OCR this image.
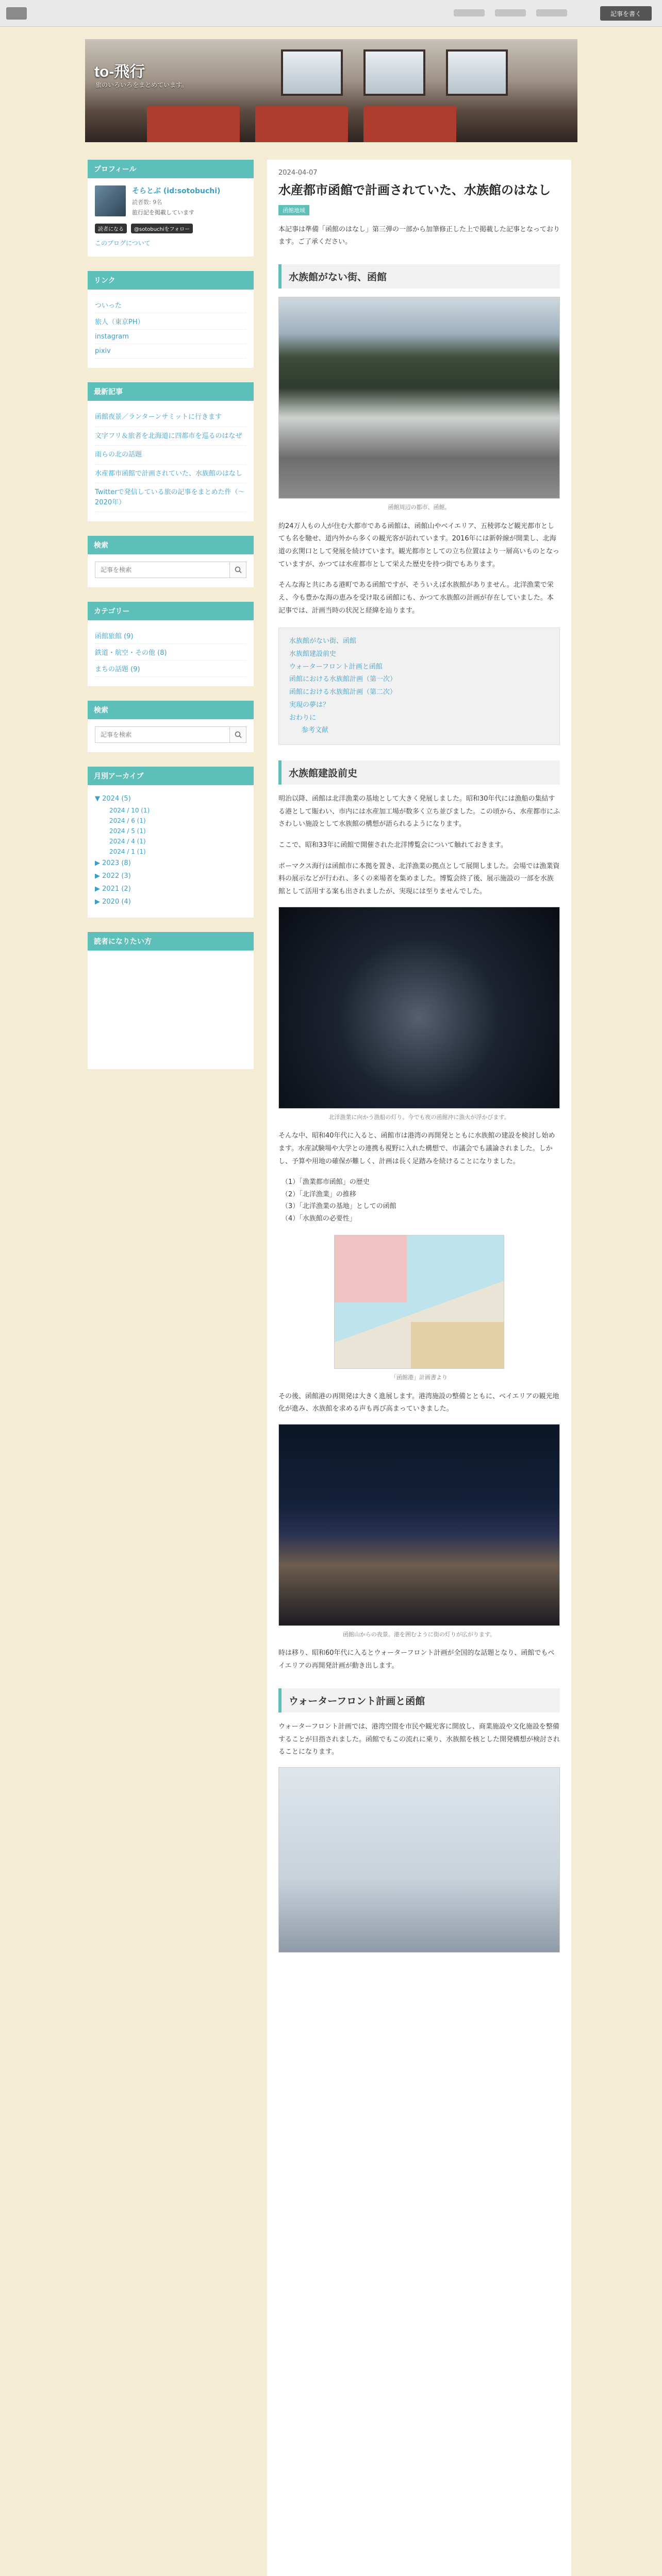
記事を書く
to-飛行
旅のいろいろをまとめています。
プロフィール
そらとぶ (id:sotobuchi)
読者数: 9名
旅行記を掲載しています
読者になる	@sotobuchiをフォロー
このブログについて
リンク
ついった
旅人（東京PH）
instagram
pixiv
最新記事
函館夜景／ランターンサミットに行きます
文字フリ＆旅者を北海道に四都市を巡るのはなぜ
雨らの北の話題
水産都市函館で計画されていた、水族館のはなし
Twitterで発信している旅の記事をまとめた件（〜2020年）
検索
記事を検索
カテゴリー
函館旅館 (9)
鉄道・航空・その他 (8)
まちの話題 (9)
検索
記事を検索
月別アーカイブ
▼ 2024 (5)
2024 / 10 (1)
2024 / 6 (1)
2024 / 5 (1)
2024 / 4 (1)
2024 / 1 (1)
▶ 2023 (8)
▶ 2022 (3)
▶ 2021 (2)
▶ 2020 (4)
読者になりたい方
2024-04-07
水産都市函館で計画されていた、水族館のはなし
函館地域

本記事は準備「函館のはなし」第三弾の一部から加筆修正した上で掲載した記事となっております。ご了承ください。

水族館がない街、函館
函館周辺の都市、函館。

約24万人もの人が住む大都市である函館は、函館山やベイエリア、五稜郭など観光都市としても名を馳せ、道内外から多くの観光客が訪れています。2016年には新幹線が開業し、北海道の玄関口として発展を続けています。観光都市としての立ち位置はより一層高いものとなっていますが、かつては水産都市として栄えた歴史を持つ街でもあります。

そんな海と共にある港町である函館ですが、そういえば水族館がありません。北洋漁業で栄え、今も豊かな海の恵みを受け取る函館にも、かつて水族館の計画が存在していました。本記事では、計画当時の状況と経緯を辿ります。

水族館がない街、函館
水族館建設前史
ウォーターフロント計画と函館
函館における水族館計画（第一次）
函館における水族館計画（第二次）
実現の夢は？
おわりに
参考文献
水族館建設前史

明治以降、函館は北洋漁業の基地として大きく発展しました。昭和30年代には漁船の集結する港として賑わい、市内には水産加工場が数多く立ち並びました。この頃から、水産都市にふさわしい施設として水族館の構想が語られるようになります。

ここで、昭和33年に函館で開催された北洋博覧会について触れておきます。

ボーマクス海行は函館市に本拠を置き、北洋漁業の拠点として展開しました。会場では漁業資料の展示などが行われ、多くの来場者を集めました。博覧会終了後、展示施設の一部を水族館として活用する案も出されましたが、実現には至りませんでした。

北洋漁業に向かう漁船の灯り。今でも夜の函館沖に漁火が浮かびます。

そんな中、昭和40年代に入ると、函館市は港湾の再開発とともに水族館の建設を検討し始めます。水産試験場や大学との連携も視野に入れた構想で、市議会でも議論されました。しかし、予算や用地の確保が難しく、計画は長く足踏みを続けることになりました。

（1）「漁業都市函館」の歴史
（2）「北洋漁業」の推移
（3）「北洋漁業の基地」としての函館
（4）「水族館の必要性」
「函館港」計画書より

その後、函館港の再開発は大きく進展します。港湾施設の整備とともに、ベイエリアの観光地化が進み、水族館を求める声も再び高まっていきました。

函館山からの夜景。港を囲むように街の灯りが広がります。

時は移り、昭和60年代に入るとウォーターフロント計画が全国的な話題となり、函館でもベイエリアの再開発計画が動き出します。

ウォーターフロント計画と函館

ウォーターフロント計画では、港湾空間を市民や観光客に開放し、商業施設や文化施設を整備することが目指されました。函館でもこの流れに乗り、水族館を核とした開発構想が検討されることになります。
